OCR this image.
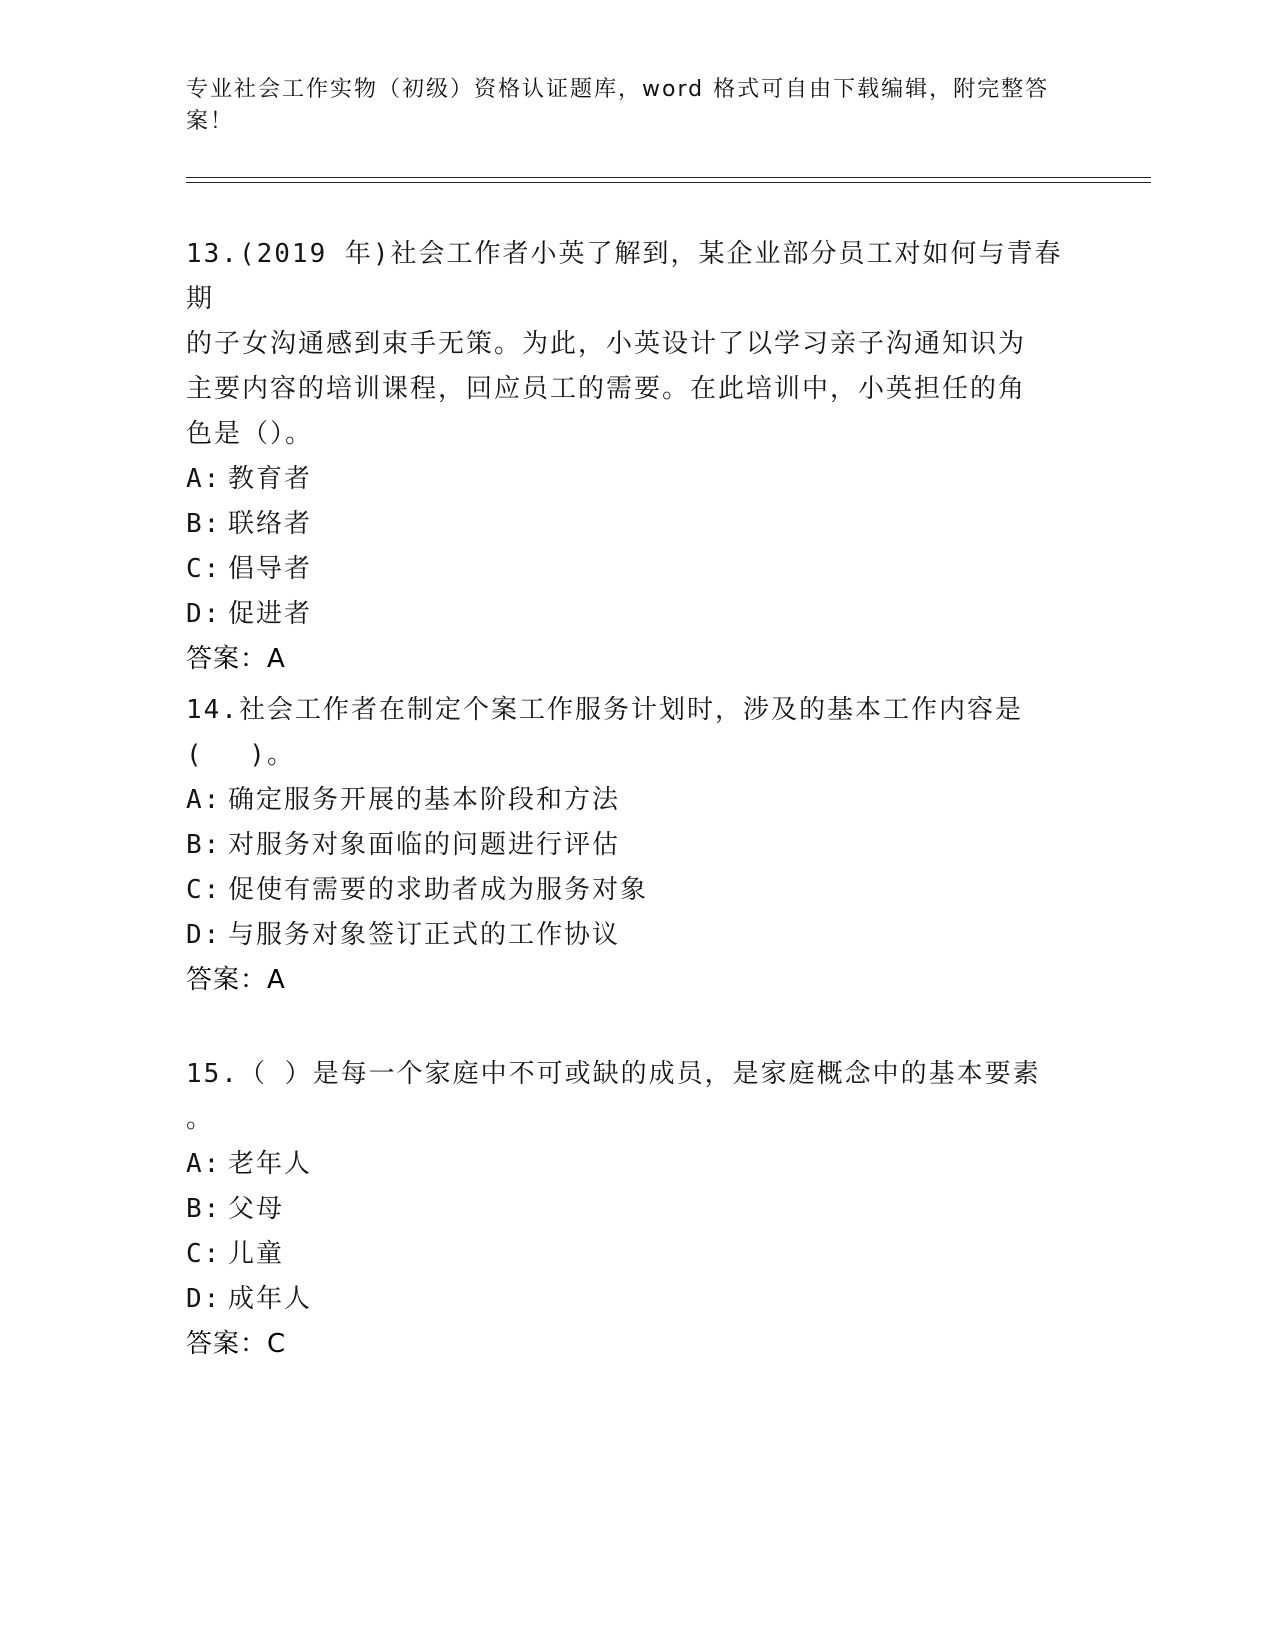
专业社会工作实物（初级）资格认证题库，word 格式可自由下载编辑，附完整答
案！

13.(2019 年)社会工作者小英了解到，某企业部分员工对如何与青春期

的子女沟通感到束手无策。为此，小英设计了以学习亲子沟通知识为

主要内容的培训课程，回应员工的需要。在此培训中，小英担任的角

色是（）。

A: 教育者

B: 联络者

C: 倡导者

D: 促进者

答案：A

14.社会工作者在制定个案工作服务计划时，涉及的基本工作内容是

(　 )。

A: 确定服务开展的基本阶段和方法

B: 对服务对象面临的问题进行评估

C: 促使有需要的求助者成为服务对象

D: 与服务对象签订正式的工作协议

答案：A

15.（ ）是每一个家庭中不可或缺的成员，是家庭概念中的基本要素

。

A: 老年人

B: 父母

C: 儿童

D: 成年人

答案：C
